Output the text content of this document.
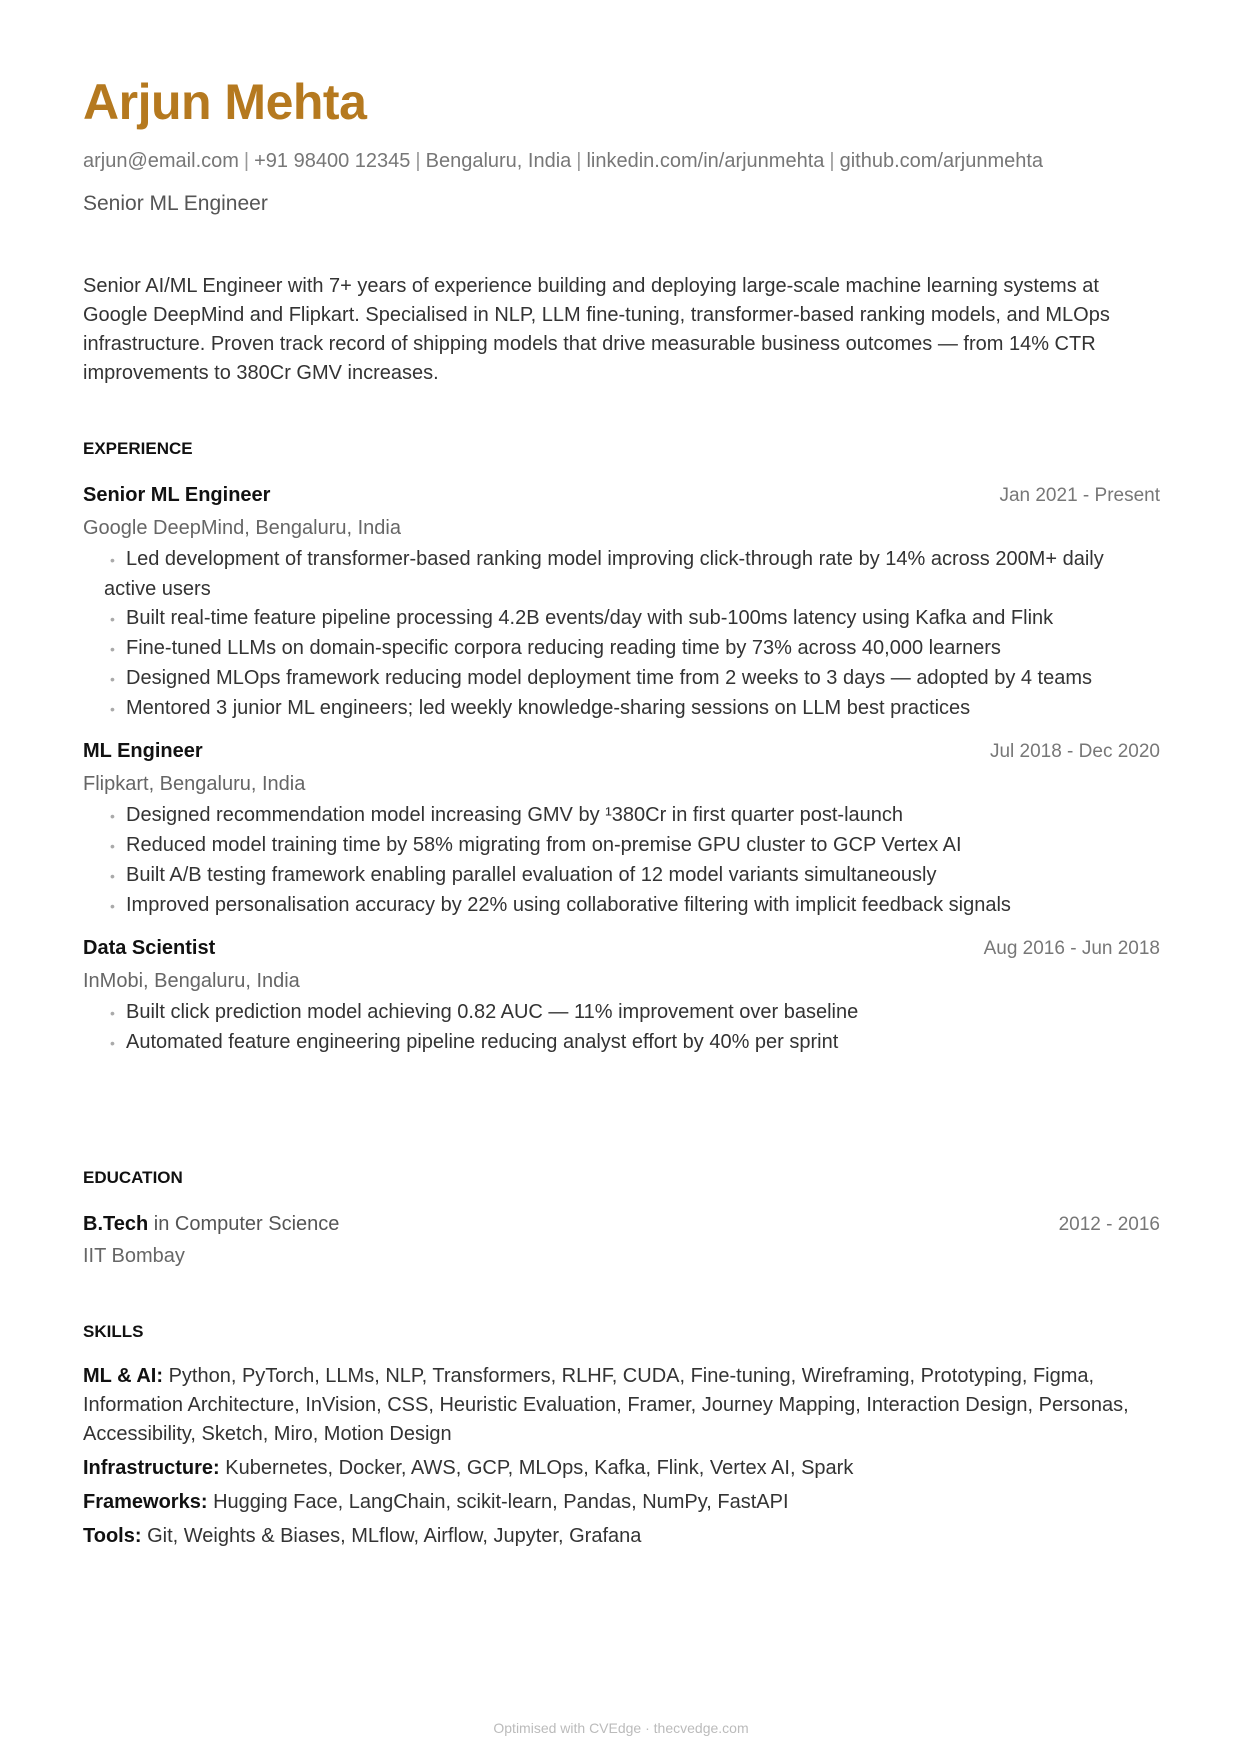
Arjun Mehta
arjun@email.com | +91 98400 12345 | Bengaluru, India | linkedin.com/in/arjunmehta | github.com/arjunmehta
Senior ML Engineer
Senior AI/ML Engineer with 7+ years of experience building and deploying large-scale machine learning systems at Google DeepMind and Flipkart. Specialised in NLP, LLM fine-tuning, transformer-based ranking models, and MLOps infrastructure. Proven track record of shipping models that drive measurable business outcomes — from 14% CTR improvements to 380Cr GMV increases.
EXPERIENCE
Senior ML Engineer	Jan 2021 - Present
Google DeepMind, Bengaluru, India
• Led development of transformer-based ranking model improving click-through rate by 14% across 200M+ daily active users
• Built real-time feature pipeline processing 4.2B events/day with sub-100ms latency using Kafka and Flink
• Fine-tuned LLMs on domain-specific corpora reducing reading time by 73% across 40,000 learners
• Designed MLOps framework reducing model deployment time from 2 weeks to 3 days — adopted by 4 teams
• Mentored 3 junior ML engineers; led weekly knowledge-sharing sessions on LLM best practices
ML Engineer	Jul 2018 - Dec 2020
Flipkart, Bengaluru, India
• Designed recommendation model increasing GMV by ¹380Cr in first quarter post-launch
• Reduced model training time by 58% migrating from on-premise GPU cluster to GCP Vertex AI
• Built A/B testing framework enabling parallel evaluation of 12 model variants simultaneously
• Improved personalisation accuracy by 22% using collaborative filtering with implicit feedback signals
Data Scientist	Aug 2016 - Jun 2018
InMobi, Bengaluru, India
• Built click prediction model achieving 0.82 AUC — 11% improvement over baseline
• Automated feature engineering pipeline reducing analyst effort by 40% per sprint
EDUCATION
B.Tech in Computer Science	2012 - 2016
IIT Bombay
SKILLS
ML & AI: Python, PyTorch, LLMs, NLP, Transformers, RLHF, CUDA, Fine-tuning, Wireframing, Prototyping, Figma, Information Architecture, InVision, CSS, Heuristic Evaluation, Framer, Journey Mapping, Interaction Design, Personas, Accessibility, Sketch, Miro, Motion Design
Infrastructure: Kubernetes, Docker, AWS, GCP, MLOps, Kafka, Flink, Vertex AI, Spark
Frameworks: Hugging Face, LangChain, scikit-learn, Pandas, NumPy, FastAPI
Tools: Git, Weights & Biases, MLflow, Airflow, Jupyter, Grafana
Optimised with CVEdge · thecvedge.com
